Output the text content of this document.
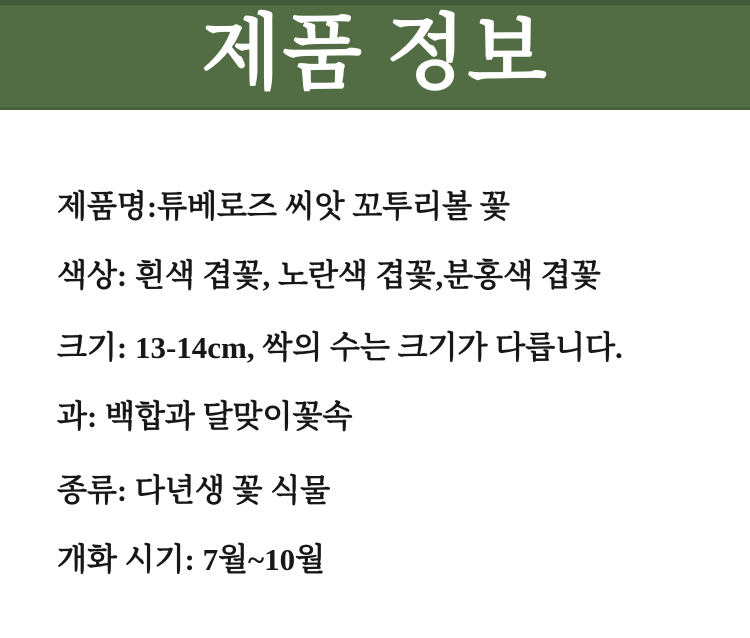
제품 정보
제품명:튜베로즈 씨앗 꼬투리볼 꽃
색상: 흰색 겹꽃, 노란색 겹꽃,분홍색 겹꽃
크기: 13-14cm, 싹의 수는 크기가 다릅니다.
과: 백합과 달맞이꽃속
종류: 다년생 꽃 식물
개화 시기: 7월~10월
